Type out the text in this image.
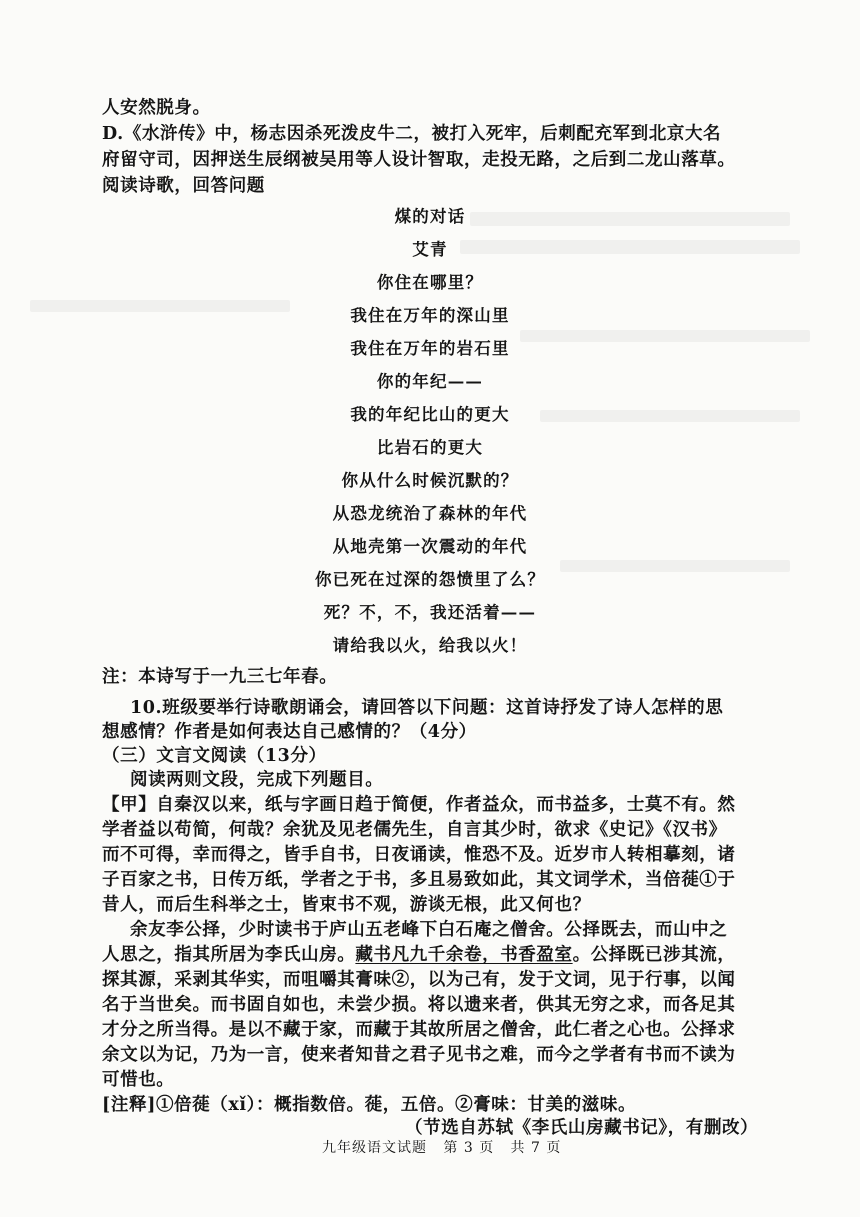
人安然脱身。
D.《水浒传》中，杨志因杀死泼皮牛二，被打入死牢，后刺配充军到北京大名
府留守司，因押送生辰纲被吴用等人设计智取，走投无路，之后到二龙山落草。
阅读诗歌，回答问题
煤的对话
艾青
你住在哪里？
我住在万年的深山里
我住在万年的岩石里
你的年纪——
我的年纪比山的更大
比岩石的更大
你从什么时候沉默的？
从恐龙统治了森林的年代
从地壳第一次震动的年代
你已死在过深的怨愤里了么？
死？不，不，我还活着——
请给我以火，给我以火！
注：本诗写于一九三七年春。
10.班级要举行诗歌朗诵会，请回答以下问题：这首诗抒发了诗人怎样的思
想感情？作者是如何表达自己感情的？（4分）
（三）文言文阅读（13分）
阅读两则文段，完成下列题目。
【甲】自秦汉以来，纸与字画日趋于简便，作者益众，而书益多，士莫不有。然
学者益以苟简，何哉？余犹及见老儒先生，自言其少时，欲求《史记》《汉书》
而不可得，幸而得之，皆手自书，日夜诵读，惟恐不及。近岁市人转相摹刻，诸
子百家之书，日传万纸，学者之于书，多且易致如此，其文词学术，当倍蓰①于
昔人，而后生科举之士，皆束书不观，游谈无根，此又何也？
余友李公择，少时读书于庐山五老峰下白石庵之僧舍。公择既去，而山中之
人思之，指其所居为李氏山房。藏书凡九千余卷，书香盈室。公择既已涉其流，
探其源，采剥其华实，而咀嚼其膏味②，以为己有，发于文词，见于行事，以闻
名于当世矣。而书固自如也，未尝少损。将以遗来者，供其无穷之求，而各足其
才分之所当得。是以不藏于家，而藏于其故所居之僧舍，此仁者之心也。公择求
余文以为记，乃为一言，使来者知昔之君子见书之难，而今之学者有书而不读为
可惜也。
[注释]①倍蓰（xǐ）：概指数倍。蓰，五倍。②膏味：甘美的滋味。
（节选自苏轼《李氏山房藏书记》，有删改）
九年级语文试题 第 3 页 共 7 页
